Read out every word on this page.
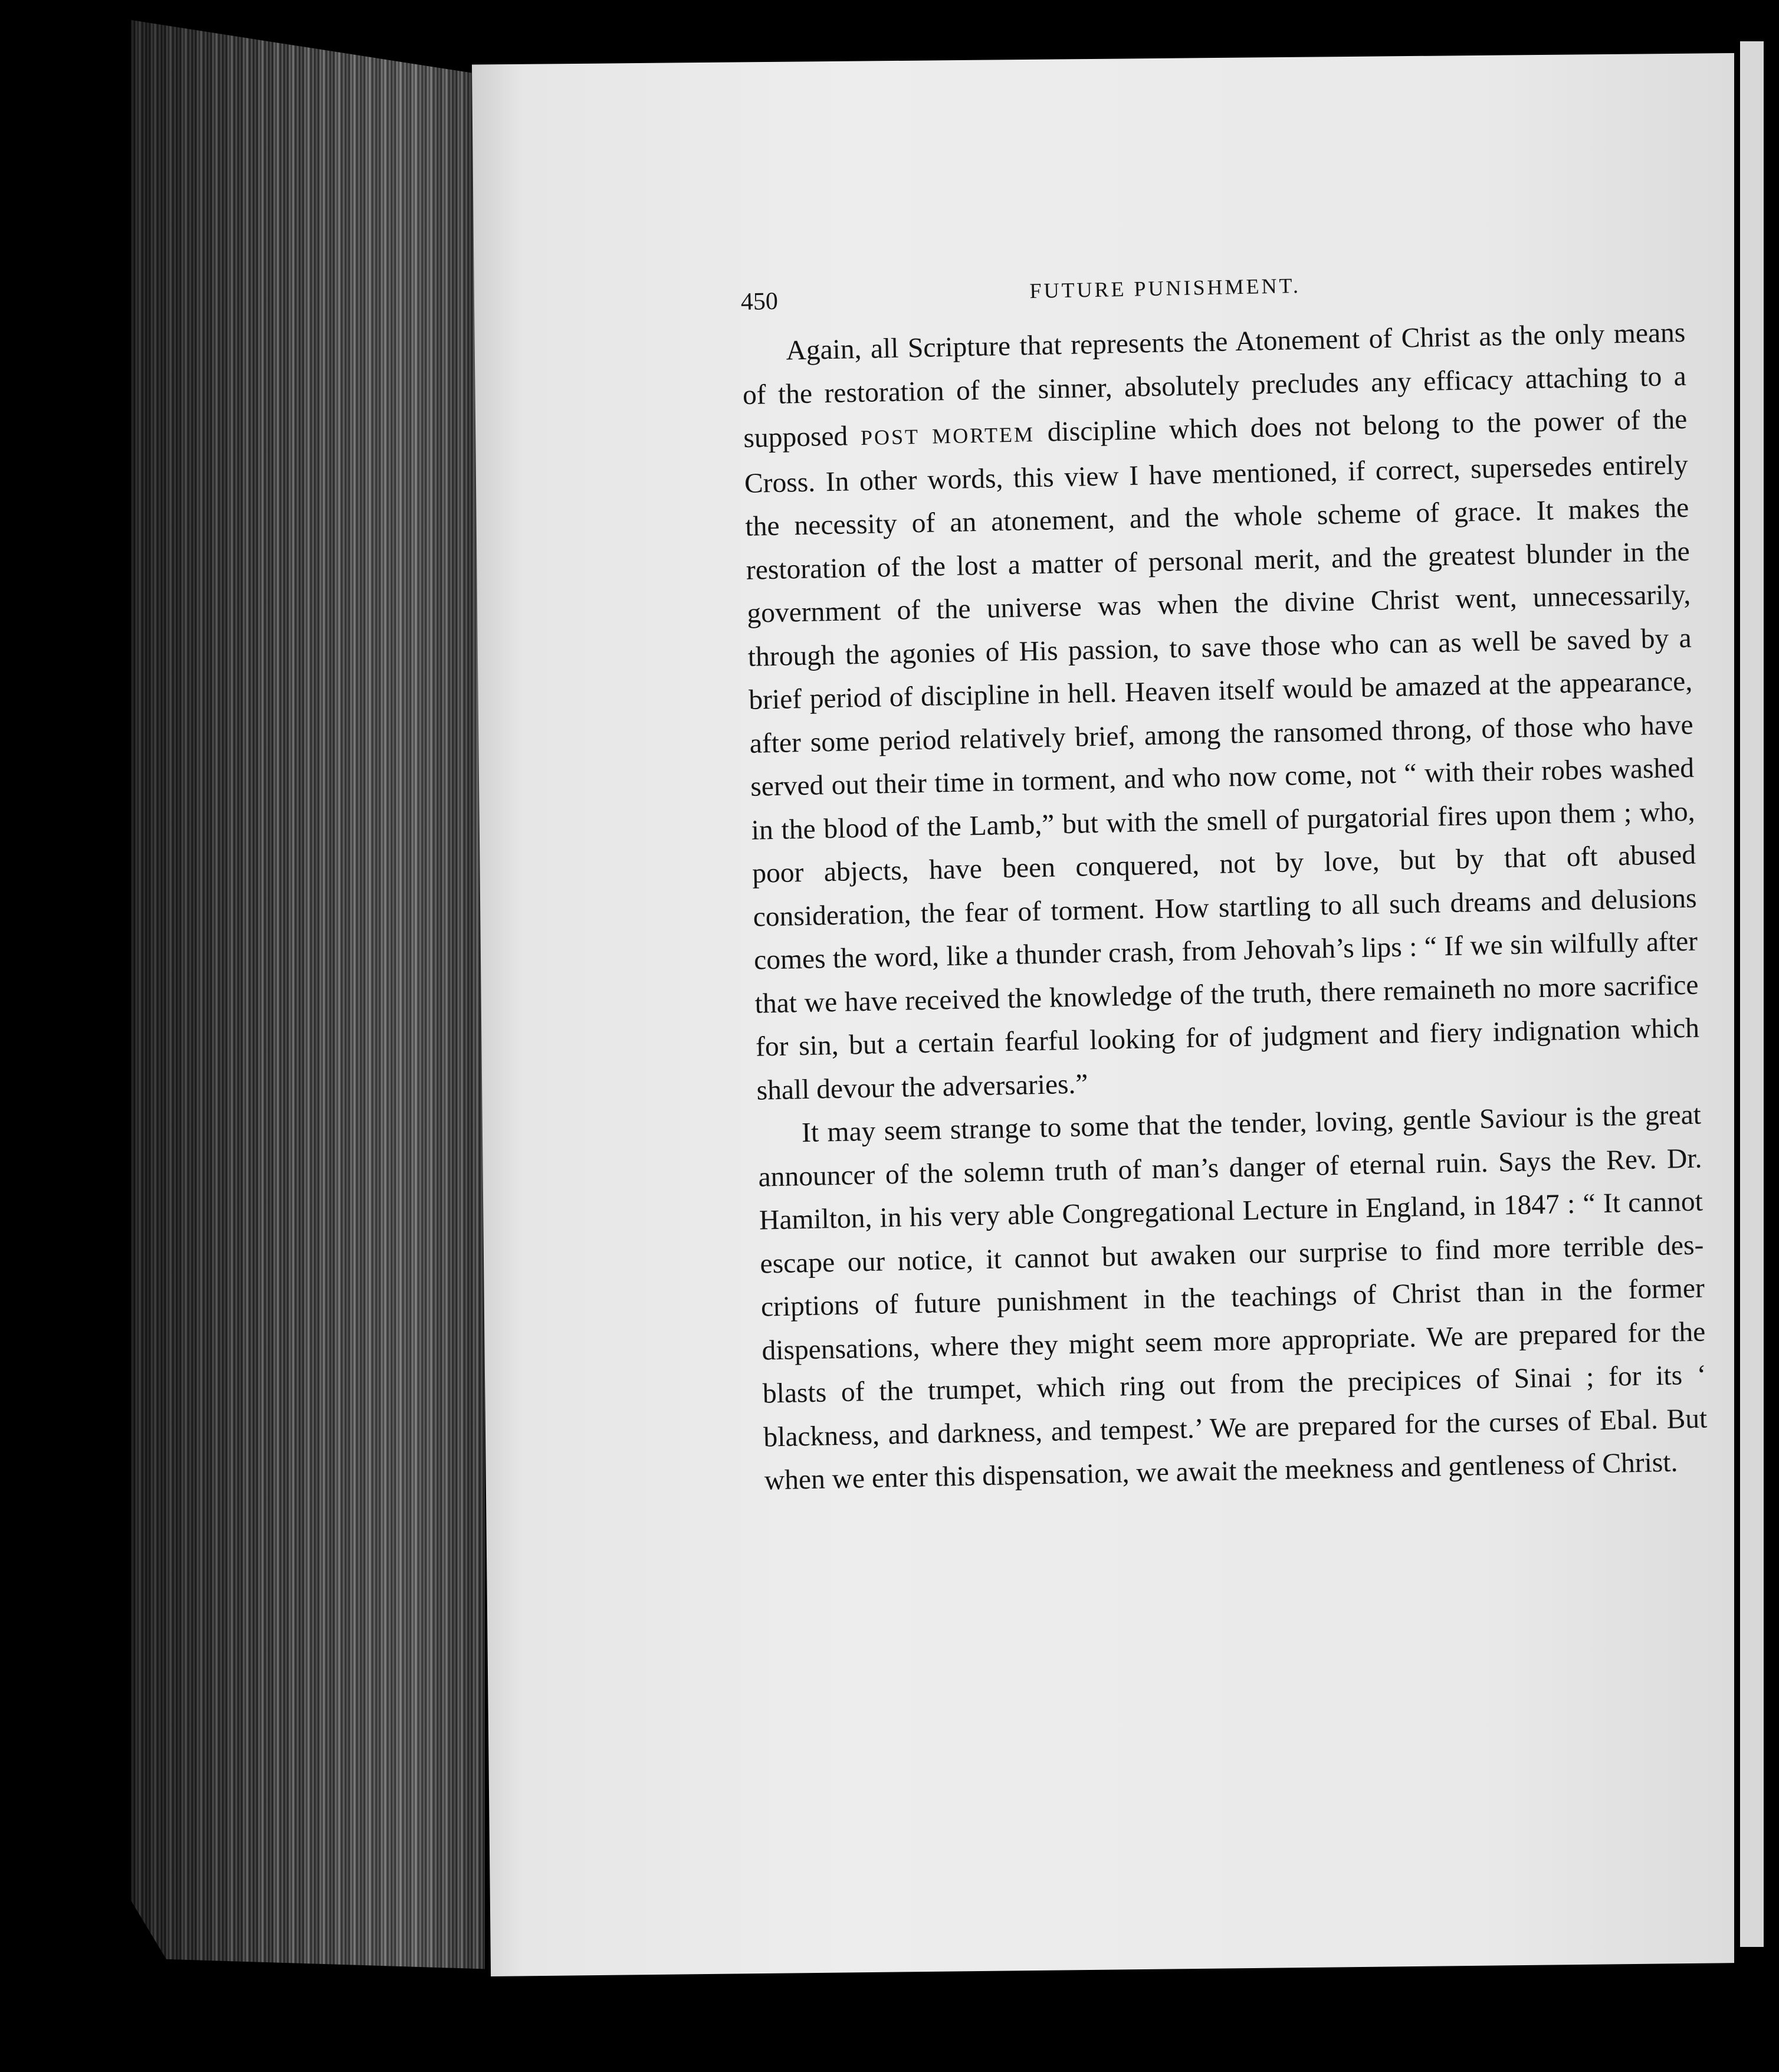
450	FUTURE PUNISHMENT.

Again, all Scripture that represents the Atonement of Christ as the only means of the restoration of the sinner, absolutely precludes any efficacy attaching to a supposed POST MORTEM discipline which does not belong to the power of the Cross. In other words, this view I have mentioned, if correct, supersedes entirely the necessity of an atonement, and the whole scheme of grace. It makes the restoration of the lost a matter of personal merit, and the greatest blunder in the government of the universe was when the divine Christ went, unnecessarily, through the agonies of His passion, to save those who can as well be saved by a brief period of discipline in hell. Heaven itself would be amazed at the appearance, after some period relatively brief, among the ransomed throng, of those who have served out their time in torment, and who now come, not “ with their robes washed in the blood of the Lamb,” but with the smell of purgatorial fires upon them ; who, poor abjects, have been conquered, not by love, but by that oft abused consideration, the fear of torment. How startling to all such dreams and delusions comes the word, like a thunder crash, from Jehovah’s lips : “ If we sin wilfully after that we have received the knowledge of the truth, there remaineth no more sacrifice for sin, but a certain fearful looking for of judgment and fiery indignation which shall devour the adversaries.”

It may seem strange to some that the tender, loving, gentle Saviour is the great announcer of the solemn truth of man’s danger of eternal ruin. Says the Rev. Dr. Hamilton, in his very able Congregational Lecture in England, in 1847 : “ It cannot escape our notice, it cannot but awaken our surprise to find more terrible descriptions of future punishment in the teachings of Christ than in the former dispensations, where they might seem more appropriate. We are prepared for the blasts of the trumpet, which ring out from the precipices of Sinai ; for its ‘ blackness, and darkness, and tempest.’ We are prepared for the curses of Ebal. But when we enter this dispensation, we await the meekness and gentleness of Christ.
